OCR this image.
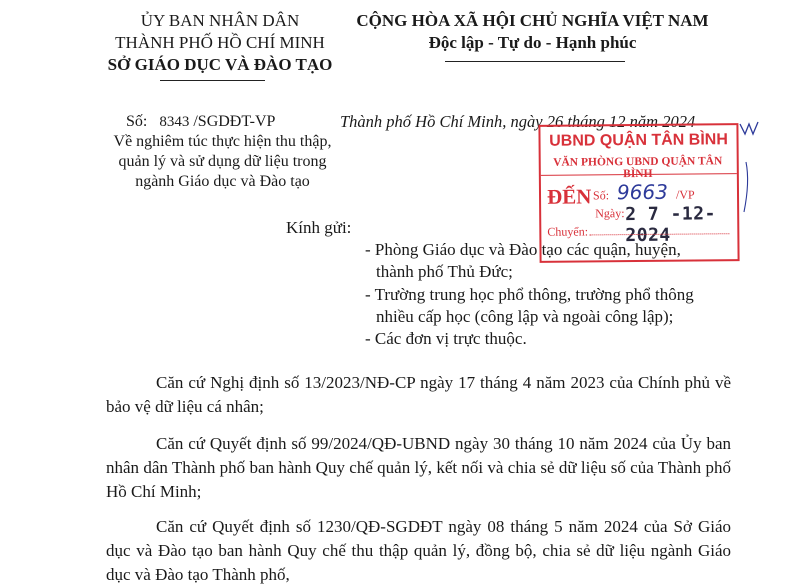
ỦY BAN NHÂN DÂN
THÀNH PHỐ HỒ CHÍ MINH
SỞ GIÁO DỤC VÀ ĐÀO TẠO
CỘNG HÒA XÃ HỘI CHỦ NGHĨA VIỆT NAM
Độc lập - Tự do - Hạnh phúc
Số: 8343 /SGDĐT-VP	Thành phố Hồ Chí Minh, ngày 26 tháng 12 năm 2024
Về nghiêm túc thực hiện thu thập,
quản lý và sử dụng dữ liệu trong
ngành Giáo dục và Đào tạo
Kính gửi:
- Phòng Giáo dục và Đào tạo các quận, huyện,
thành phố Thủ Đức;
- Trường trung học phổ thông, trường phổ thông
nhiều cấp học (công lập và ngoài công lập);
- Các đơn vị trực thuộc.
Căn cứ Nghị định số 13/2023/NĐ-CP ngày 17 tháng 4 năm 2023 của Chính phủ về bảo vệ dữ liệu cá nhân;
Căn cứ Quyết định số 99/2024/QĐ-UBND ngày 30 tháng 10 năm 2024 của Ủy ban nhân dân Thành phố ban hành Quy chế quản lý, kết nối và chia sẻ dữ liệu số của Thành phố Hồ Chí Minh;
Căn cứ Quyết định số 1230/QĐ-SGDĐT ngày 08 tháng 5 năm 2024 của Sở Giáo dục và Đào tạo ban hành Quy chế thu thập quản lý, đồng bộ, chia sẻ dữ liệu ngành Giáo dục và Đào tạo Thành phố,
UBND QUẬN TÂN BÌNH
VĂN PHÒNG UBND QUẬN TÂN BÌNH
ĐẾN Số: 9663 /VP
Ngày: 2 7 -12- 2024
Chuyển:
